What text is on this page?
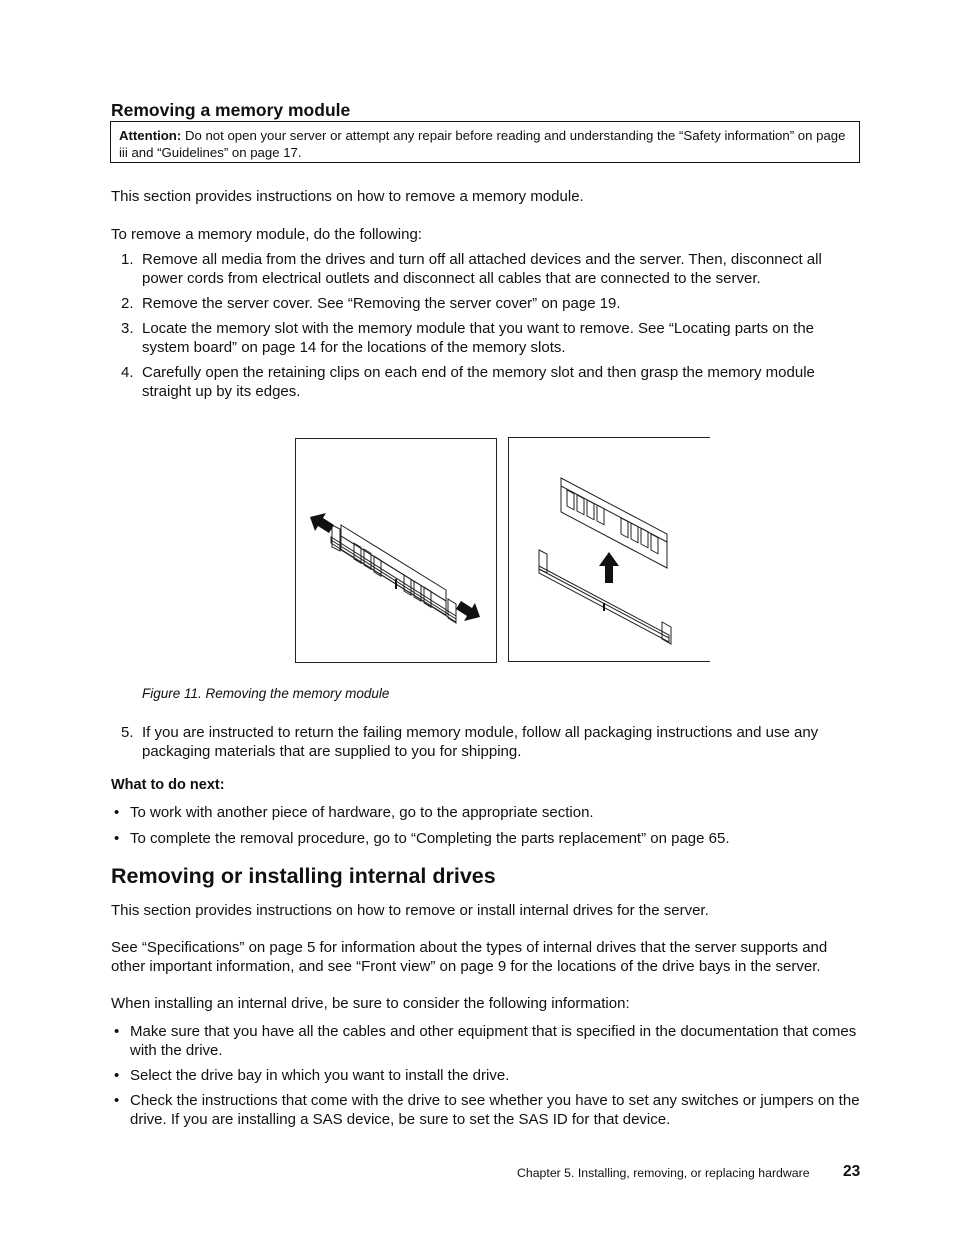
Removing a memory module
Attention: Do not open your server or attempt any repair before reading and understanding the “Safety information” on page iii and “Guidelines” on page 17.
This section provides instructions on how to remove a memory module.
To remove a memory module, do the following:
1. Remove all media from the drives and turn off all attached devices and the server. Then, disconnect all power cords from electrical outlets and disconnect all cables that are connected to the server.
2. Remove the server cover. See “Removing the server cover” on page 19.
3. Locate the memory slot with the memory module that you want to remove. See “Locating parts on the system board” on page 14 for the locations of the memory slots.
4. Carefully open the retaining clips on each end of the memory slot and then grasp the memory module straight up by its edges.
Figure 11. Removing the memory module
5. If you are instructed to return the failing memory module, follow all packaging instructions and use any packaging materials that are supplied to you for shipping.
What to do next:
• To work with another piece of hardware, go to the appropriate section.
• To complete the removal procedure, go to “Completing the parts replacement” on page 65.
Removing or installing internal drives
This section provides instructions on how to remove or install internal drives for the server.
See “Specifications” on page 5 for information about the types of internal drives that the server supports and other important information, and see “Front view” on page 9 for the locations of the drive bays in the server.
When installing an internal drive, be sure to consider the following information:
• Make sure that you have all the cables and other equipment that is specified in the documentation that comes with the drive.
• Select the drive bay in which you want to install the drive.
• Check the instructions that come with the drive to see whether you have to set any switches or jumpers on the drive. If you are installing a SAS device, be sure to set the SAS ID for that device.
Chapter 5. Installing, removing, or replacing hardware 23
